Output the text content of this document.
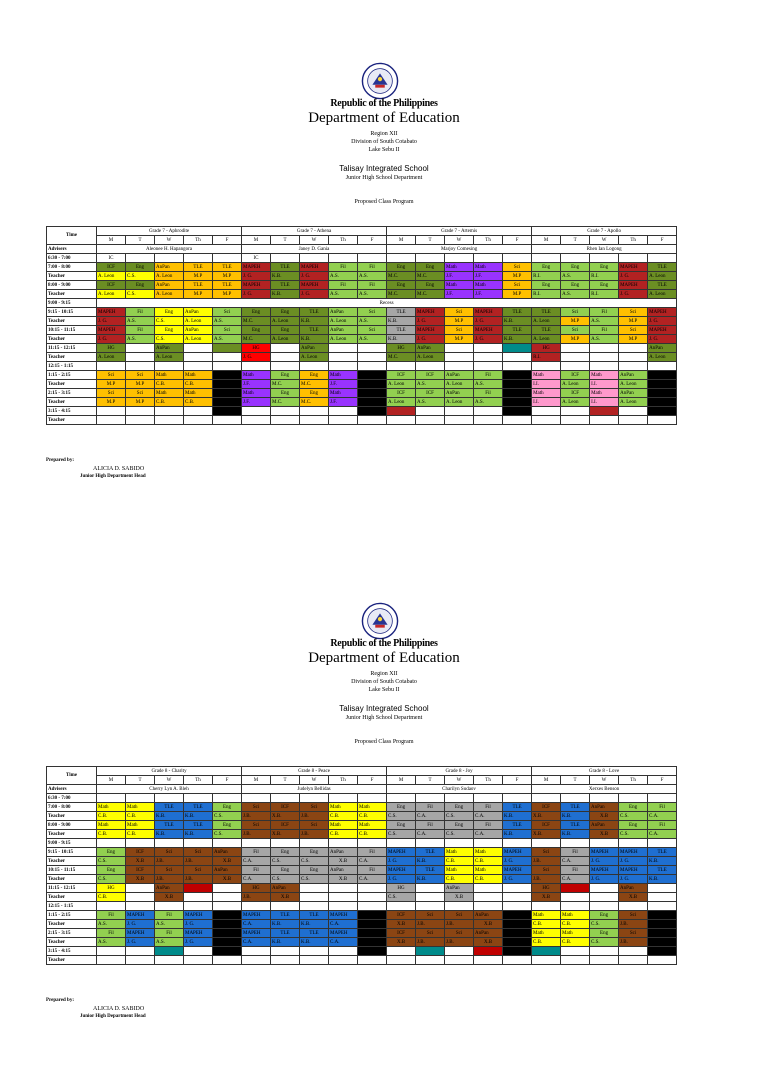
Republic of the Philippines
Department of Education
Region XII
Division of South Cotabato
Lake Sebu II
Talisay Integrated School
Junior High School Department
Proposed Class Program
Time	Grade 7 - Aphrodite					Grade 7 - Athena					Grade 7 - Artemis					Grade 7 - Apollo				
	M	T	W	Th	F	M	T	W	Th	F	M	T	W	Th	F	M	T	W	Th	F
Advisers	Aleonee H. Hapangora					Janey D. Gania					Marjoy Comesing					Rhen Ian Logong				
6:30 - 7:00	IC					IC														
7:00 - 8:00	ICF	Eng	AnPan	TLE	TLE	MAPEH	TLE	MAPEH	Fil	Fil	Eng	Eng	Math	Math	Sci	Eng	Eng	Eng	MAPEH	TLE
Teacher	A. Leon	C.S.	A. Leon	M.P	M.P	J. G.	K.B.	J. G.	A.S.	A.S.	M.C.	M.C.	J.F.	J.F.	M.P	R.I.	A.S.	R.I.	J. G.	A. Leon
8:00 - 9:00	ICF	Eng	AnPan	TLE	TLE	MAPEH	TLE	MAPEH	Fil	Fil	Eng	Eng	Math	Math	Sci	Eng	Eng	Eng	MAPEH	TLE
Teacher	A. Leon	C.S.	A. Leon	M.P	M.P	J. G.	K.B.	J. G.	A.S.	A.S.	M.C.	M.C.	J.F.	J.F.	M.P	R.I.	A.S.	R.I.	J. G.	A. Leon
9:00 - 9:15	Recess																			
9:15 - 10:15	MAPEH	Fil	Eng	AnPan	Sci	Eng	Eng	TLE	AnPan	Sci	TLE	MAPEH	Sci	MAPEH	TLE	TLE	Sci	Fil	Sci	MAPEH
Teacher	J. G.	A.S.	C.S.	A. Leon	A.S.	M.C.	A. Leon	K.B.	A. Leon	A.S.	K.B.	J. G.	M.P	J. G.	K.B.	A. Leon	M.P	A.S.	M.P	J. G.
10:15 - 11:15	MAPEH	Fil	Eng	AnPan	Sci	Eng	Eng	TLE	AnPan	Sci	TLE	MAPEH	Sci	MAPEH	TLE	TLE	Sci	Fil	Sci	MAPEH
Teacher	J. G.	A.S.	C.S.	A. Leon	A.S.	M.C.	A. Leon	K.B.	A. Leon	A.S.	K.B.	J. G.	M.P	J. G.	K.B.	A. Leon	M.P	A.S.	M.P	J. G.
11:15 - 12:15	HG		AnPan			HG		AnPan			HG	AnPan				HG				AnPan
Teacher	A. Leon		A. Leon			J. G.		A. Leon			M.C.	A. Leon				R.I.				A. Leon
12:15 - 1:15																				
1:15 - 2:15	Sci	Sci	Math	Math		Math	Eng	Eng	Math		ICF	ICF	AnPan	Fil		Math	ICF	Math	AnPan	
Teacher	M.P	M.P	C.B.	C.B.		J.F.	M.C.	M.C.	J.F.		A. Leon	A.S.	A. Leon	A.S.		I.I.	A. Leon	I.I.	A. Leon	
2:15 - 3:15	Sci	Sci	Math	Math		Math	Eng	Eng	Math		ICF	ICF	AnPan	Fil		Math	ICF	Math	AnPan	
Teacher	M.P	M.P	C.B.	C.B.		J.F.	M.C.	M.C.	J.F.		A. Leon	A.S.	A. Leon	A.S.		I.I.	A. Leon	I.I.	A. Leon	
3:15 - 4:15																				
Teacher																				
Prepared by:
ALICIA D. SABIDO
Junior High Department Head
Republic of the Philippines
Department of Education
Region XII
Division of South Cotabato
Lake Sebu II
Talisay Integrated School
Junior High School Department
Proposed Class Program
Time	Grade 8 - Charity					Grade 8 - Peace					Grade 8 - Joy					Grade 8 - Love				
	M	T	W	Th	F	M	T	W	Th	F	M	T	W	Th	F	M	T	W	Th	F
Advisers	Cherry Lyn A. Bleh					Judelyn Bellidas					Charilyn Sudaov					Xerxes Benson				
6:30 - 7:00																				
7:00 - 8:00	Math	Math	TLE	TLE	Eng	Sci	ICF	Sci	Math	Math	Eng	Fil	Eng	Fil	TLE	ICF	TLE	AnPan	Eng	Fil
Teacher	C.B.	C.B.	K.B.	K.B.	C.S.	J.B.	X.B.	J.B.	C.B.	C.B.	C.S.	C.A.	C.S.	C.A.	K.B.	X.B.	K.B.	X.B	C.S.	C.A.
8:00 - 9:00	Math	Math	TLE	TLE	Eng	Sci	ICF	Sci	Math	Math	Eng	Fil	Eng	Fil	TLE	ICF	TLE	AnPan	Eng	Fil
Teacher	C.B.	C.B.	K.B.	K.B.	C.S.	J.B.	X.B.	J.B.	C.B.	C.B.	C.S.	C.A.	C.S.	C.A.	K.B.	X.B.	K.B.	X.B	C.S.	C.A.
9:00 - 9:15																				
9:15 - 10:15	Eng	ICF	Sci	Sci	AnPan	Fil	Eng	Eng	AnPan	Fil	MAPEH	TLE	Math	Math	MAPEH	Sci	Fil	MAPEH	MAPEH	TLE
Teacher	C.S.	X.B	J.B.	J.B.	X.B	C.A.	C.S.	C.S.	X.B	C.A.	J. G.	K.B.	C.B.	C.B.	J. G.	J.B.	C.A.	J. G.	J. G.	K.B.
10:15 - 11:15	Eng	ICF	Sci	Sci	AnPan	Fil	Eng	Eng	AnPan	Fil	MAPEH	TLE	Math	Math	MAPEH	Sci	Fil	MAPEH	MAPEH	TLE
Teacher	C.S.	X.B	J.B.	J.B.	X.B	C.A.	C.S.	C.S.	X.B	C.A.	J. G.	K.B.	C.B.	C.B.	J. G.	J.B.	C.A.	J. G.	J. G.	K.B.
11:15 - 12:15	HG		AnPan			HG	AnPan				HG		AnPan			HG			AnPan	
Teacher	C.B.		X.B			J.B.	X.B				C.S.		X.B			X.B			X.B	
12:15 - 1:15																				
1:15 - 2:15	Fil	MAPEH	Fil	MAPEH		MAPEH	TLE	TLE	MAPEH		ICF	Sci	Sci	AnPan		Math	Math	Eng	Sci	
Teacher	A.S.	J. G.	A.S.	J. G.		C.A.	K.B.	K.B.	C.A.		X.B	J.B.	J.B.	X.B		C.B.	C.B.	C.S.	J.B.	
2:15 - 3:15	Fil	MAPEH	Fil	MAPEH		MAPEH	TLE	TLE	MAPEH		ICF	Sci	Sci	AnPan		Math	Math	Eng	Sci	
Teacher	A.S.	J. G.	A.S.	J. G.		C.A.	K.B.	K.B.	C.A.		X.B	J.B.	J.B.	X.B		C.B.	C.B.	C.S.	J.B.	
3:15 - 4:15																				
Teacher																				
Prepared by:
ALICIA D. SABIDO
Junior High Department Head
